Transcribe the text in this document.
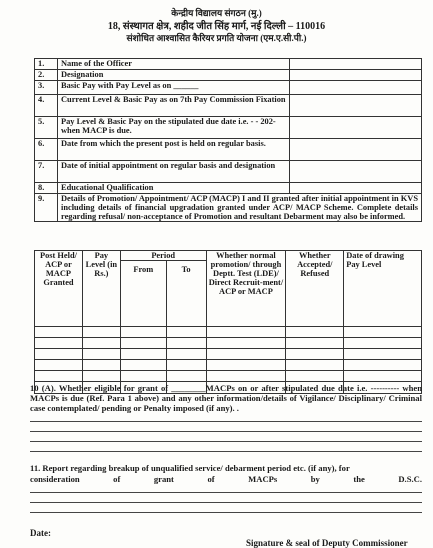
केन्द्रीय विद्यालय संगठन (मु.)
18, संस्थागत क्षेत्र, शहीद जीत सिंह मार्ग, नई दिल्ली – 110016
संशोधित आश्वासित कैरियर प्रगति योजना (एम.ए.सी.पी.)
1.	Name of the Officer	
2.	Designation	
3.	Basic Pay with Pay Level as on ______	
4.	Current Level & Basic Pay as on 7th Pay Commission Fixation	
5.	Pay Level & Basic Pay on the stipulated due date i.e. - - 202- when MACP is due.	
6.	Date from which the present post is held on regular basis.	
7.	Date of initial appointment on regular basis and designation	
8.	Educational Qualification	
9.	Details of Promotion/ Appointment/ ACP (MACP) I and II granted after initial appointment in KVS including details of financial upgradation granted under ACP/ MACP Scheme. Complete details regarding refusal/ non-acceptance of Promotion and resultant Debarment may also be informed.	
Post Held/ ACP or MACP Granted	Pay Level (in Rs.)	Period		Whether normal promotion/ through Deptt. Test (LDE)/ Direct Recruit-ment/ ACP or MACP	Whether Accepted/ Refused	Date of drawing Pay Level
		From	To			

10 (A). Whether eligible for grant of ________MACPs on or after stipulated due date i.e. ---------- when MACPs is due (Ref. Para 1 above) and any other information/details of Vigilance/ Disciplinary/ Criminal case contemplated/ pending or Penalty imposed (if any). .
11. Report regarding breakup of unqualified service/ debarment period etc. (if any), for
consideration	of	grant	of	MACPs	by	the	D.S.C.
Date:
Signature & seal of Deputy Commissioner
